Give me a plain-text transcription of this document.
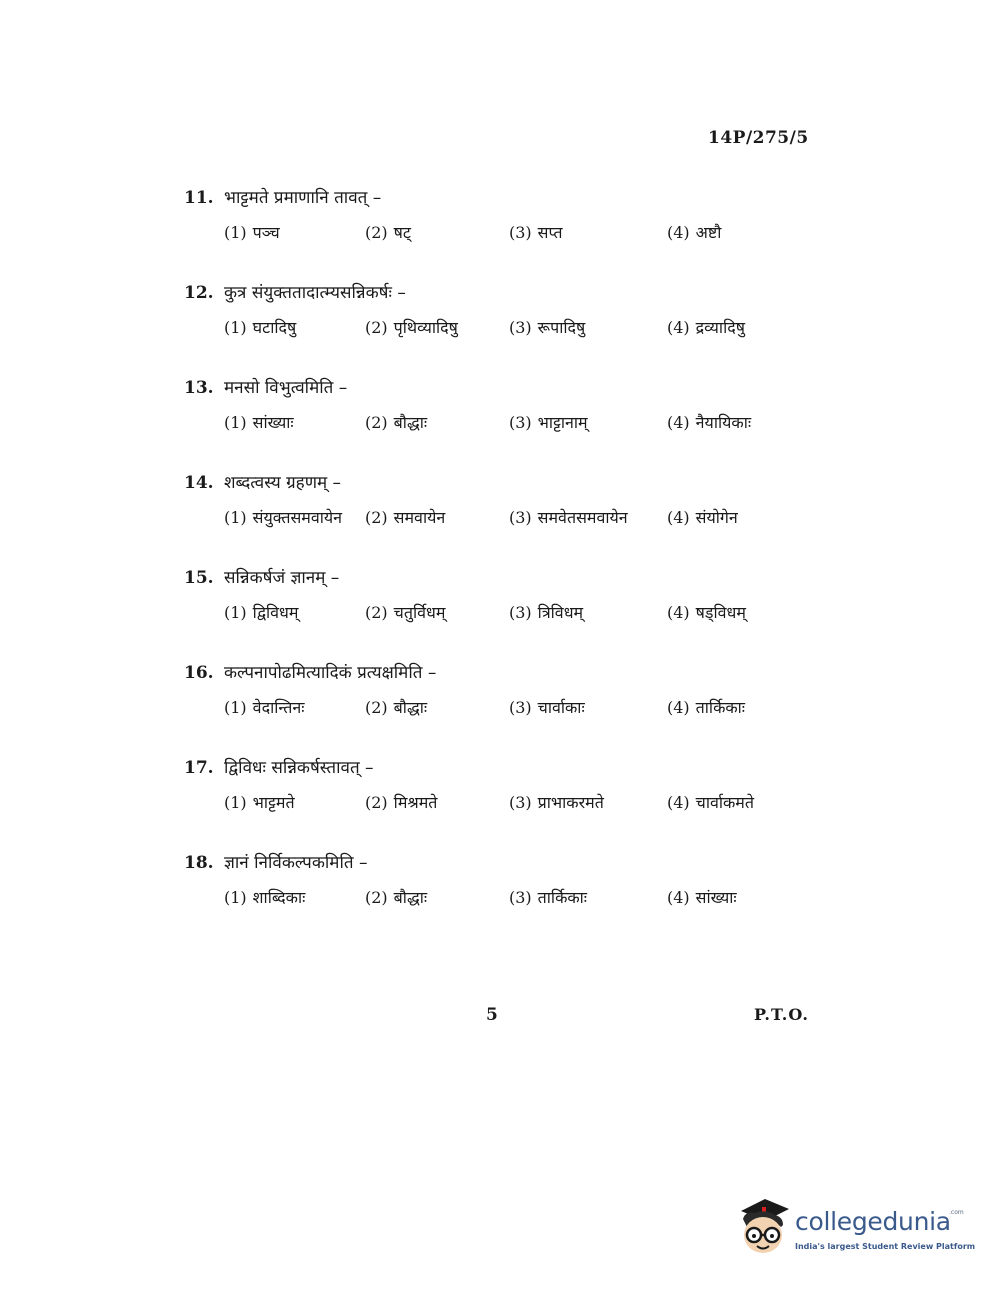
14P/275/5
11. भाट्टमते प्रमाणानि तावत् –
(1) पञ्च	(2) षट्	(3) सप्त	(4) अष्टौ
12. कुत्र संयुक्ततादात्म्यसन्निकर्षः –
(1) घटादिषु	(2) पृथिव्यादिषु	(3) रूपादिषु	(4) द्रव्यादिषु
13. मनसो विभुत्वमिति –
(1) सांख्याः	(2) बौद्धाः	(3) भाट्टानाम्	(4) नैयायिकाः
14. शब्दत्वस्य ग्रहणम् –
(1) संयुक्तसमवायेन (2) समवायेन	(3) समवेतसमवायेन (4) संयोगेन
15. सन्निकर्षजं ज्ञानम् –
(1) द्विविधम्	(2) चतुर्विधम्	(3) त्रिविधम्	(4) षड्विधम्
16. कल्पनापोढमित्यादिकं प्रत्यक्षमिति –
(1) वेदान्तिनः	(2) बौद्धाः	(3) चार्वाकाः	(4) तार्किकाः
17. द्विविधः सन्निकर्षस्तावत् –
(1) भाट्टमते	(2) मिश्रमते	(3) प्राभाकरमते	(4) चार्वाकमते
18. ज्ञानं निर्विकल्पकमिति –
(1) शाब्दिकाः	(2) बौद्धाः	(3) तार्किकाः	(4) सांख्याः
5	P.T.O.
collegedunia
.com
India's largest Student Review Platform
